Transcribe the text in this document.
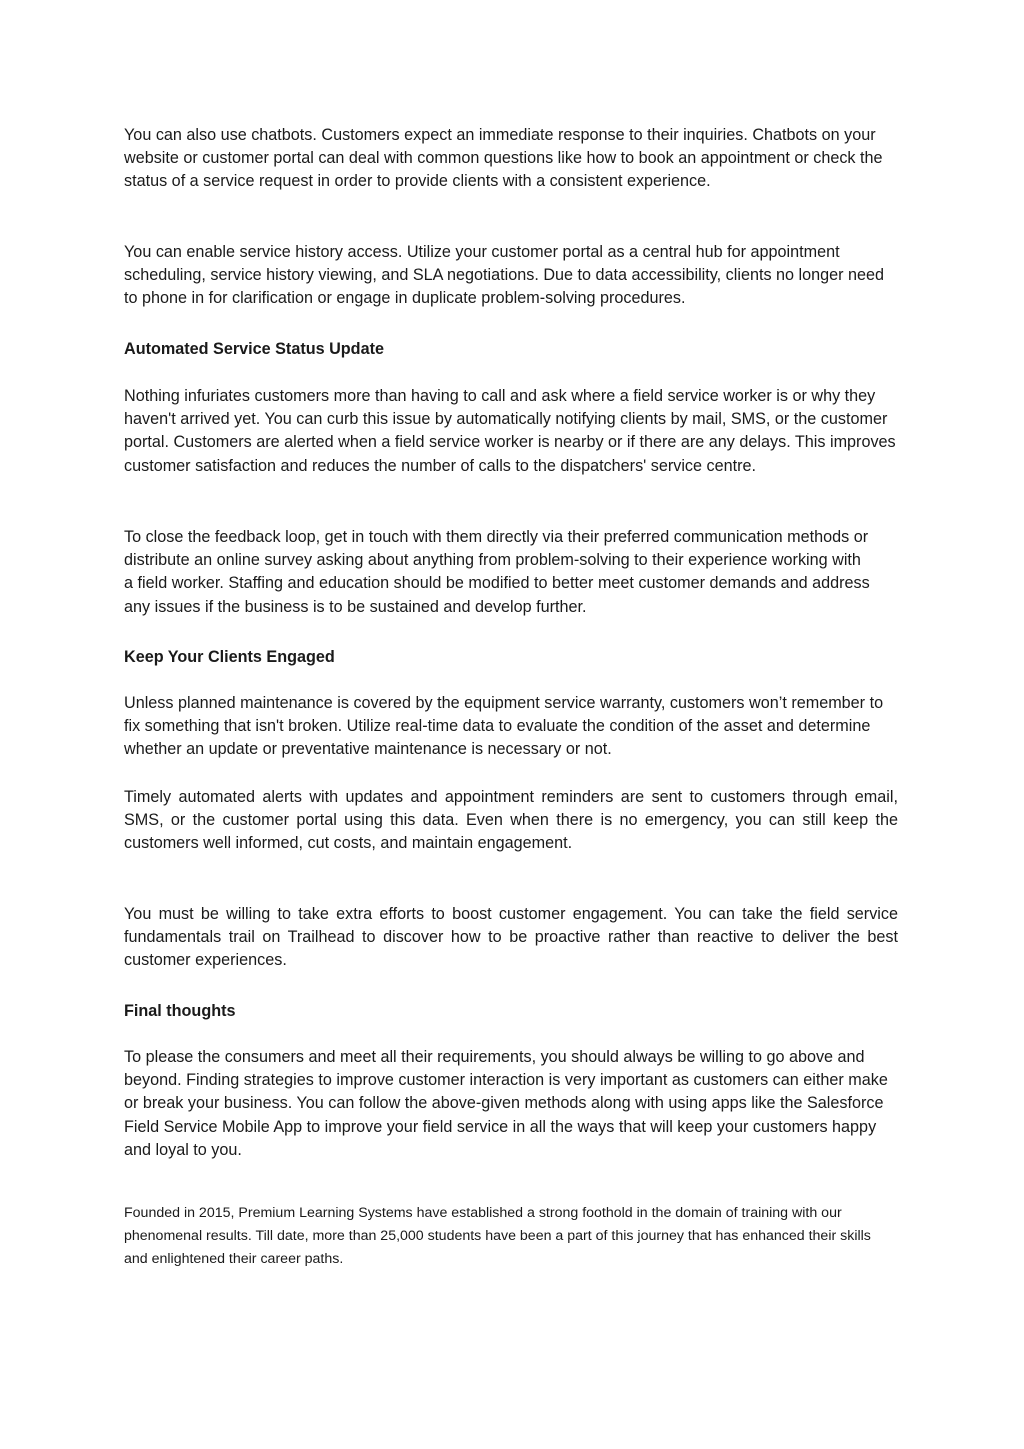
You can also use chatbots. Customers expect an immediate response to their inquiries. Chatbots on your website or customer portal can deal with common questions like how to book an appointment or check the status of a service request in order to provide clients with a consistent experience.

You can enable service history access. Utilize your customer portal as a central hub for appointment scheduling, service history viewing, and SLA negotiations. Due to data accessibility, clients no longer need to phone in for clarification or engage in duplicate problem-solving procedures.

Automated Service Status Update

Nothing infuriates customers more than having to call and ask where a field service worker is or why they haven't arrived yet. You can curb this issue by automatically notifying clients by mail, SMS, or the customer portal. Customers are alerted when a field service worker is nearby or if there are any delays. This improves customer satisfaction and reduces the number of calls to the dispatchers' service centre.

To close the feedback loop, get in touch with them directly via their preferred communication methods or distribute an online survey asking about anything from problem-solving to their experience working with a field worker. Staffing and education should be modified to better meet customer demands and address any issues if the business is to be sustained and develop further.

Keep Your Clients Engaged

Unless planned maintenance is covered by the equipment service warranty, customers won’t remember to fix something that isn't broken. Utilize real-time data to evaluate the condition of the asset and determine whether an update or preventative maintenance is necessary or not.

Timely automated alerts with updates and appointment reminders are sent to customers through email, SMS, or the customer portal using this data. Even when there is no emergency, you can still keep the customers well informed, cut costs, and maintain engagement.

You must be willing to take extra efforts to boost customer engagement. You can take the field service fundamentals trail on Trailhead to discover how to be proactive rather than reactive to deliver the best customer experiences.

Final thoughts

To please the consumers and meet all their requirements, you should always be willing to go above and beyond. Finding strategies to improve customer interaction is very important as customers can either make or break your business. You can follow the above-given methods along with using apps like the Salesforce Field Service Mobile App to improve your field service in all the ways that will keep your customers happy and loyal to you.

Founded in 2015, Premium Learning Systems have established a strong foothold in the domain of training with our phenomenal results. Till date, more than 25,000 students have been a part of this journey that has enhanced their skills and enlightened their career paths.
